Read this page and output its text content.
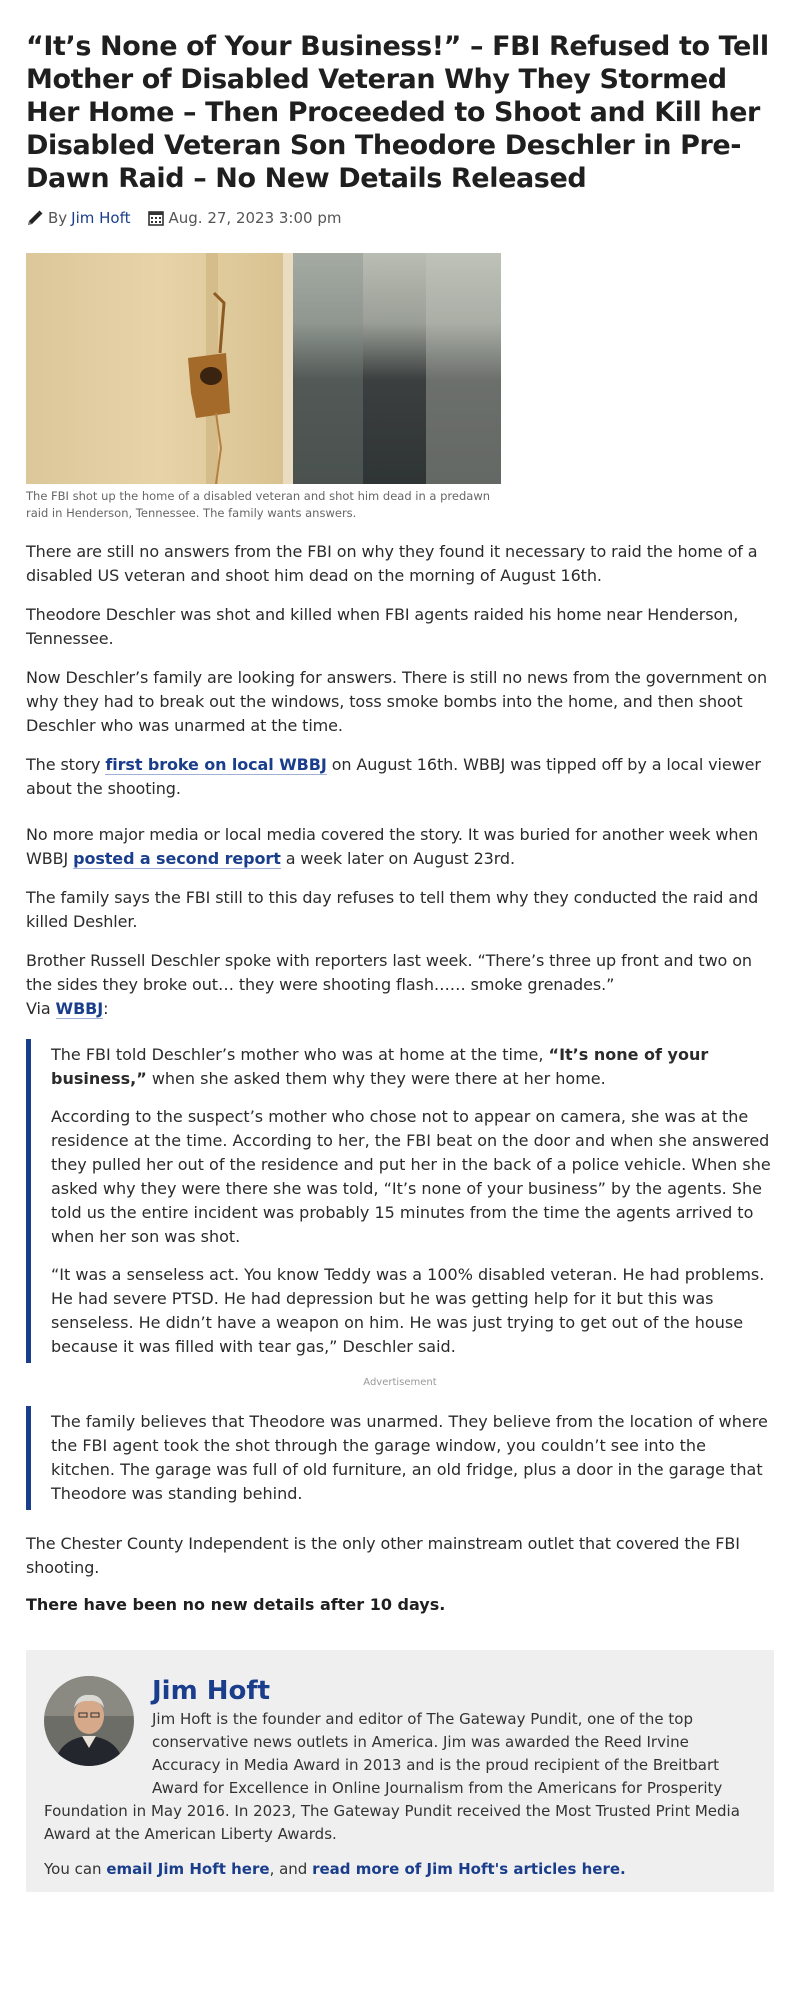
“It’s None of Your Business!” – FBI Refused to Tell Mother of Disabled Veteran Why They Stormed Her Home – Then Proceeded to Shoot and Kill her Disabled Veteran Son Theodore Deschler in Pre-Dawn Raid – No New Details Released
By Jim Hoft	Aug. 27, 2023 3:00 pm
The FBI shot up the home of a disabled veteran and shot him dead in a predawn raid in Henderson, Tennessee. The family wants answers.

There are still no answers from the FBI on why they found it necessary to raid the home of a disabled US veteran and shoot him dead on the morning of August 16th.

Theodore Deschler was shot and killed when FBI agents raided his home near Henderson, Tennessee.

Now Deschler’s family are looking for answers. There is still no news from the government on why they had to break out the windows, toss smoke bombs into the home, and then shoot Deschler who was unarmed at the time.

The story first broke on local WBBJ on August 16th. WBBJ was tipped off by a local viewer about the shooting.

No more major media or local media covered the story. It was buried for another week when WBBJ posted a second report a week later on August 23rd.

The family says the FBI still to this day refuses to tell them why they conducted the raid and killed Deshler.

Brother Russell Deschler spoke with reporters last week. “There’s three up front and two on the sides they broke out… they were shooting flash…… smoke grenades.”
Via WBBJ:

The FBI told Deschler’s mother who was at home at the time, “It’s none of your business,” when she asked them why they were there at her home.

According to the suspect’s mother who chose not to appear on camera, she was at the residence at the time. According to her, the FBI beat on the door and when she answered they pulled her out of the residence and put her in the back of a police vehicle. When she asked why they were there she was told, “It’s none of your business” by the agents. She told us the entire incident was probably 15 minutes from the time the agents arrived to when her son was shot.

“It was a senseless act. You know Teddy was a 100% disabled veteran. He had problems. He had severe PTSD. He had depression but he was getting help for it but this was senseless. He didn’t have a weapon on him. He was just trying to get out of the house because it was filled with tear gas,” Deschler said.

Advertisement

The family believes that Theodore was unarmed. They believe from the location of where the FBI agent took the shot through the garage window, you couldn’t see into the kitchen. The garage was full of old furniture, an old fridge, plus a door in the garage that Theodore was standing behind.

The Chester County Independent is the only other mainstream outlet that covered the FBI shooting.

There have been no new details after 10 days.
Jim Hoft

Jim Hoft is the founder and editor of The Gateway Pundit, one of the top conservative news outlets in America. Jim was awarded the Reed Irvine Accuracy in Media Award in 2013 and is the proud recipient of the Breitbart Award for Excellence in Online Journalism from the Americans for Prosperity
Foundation in May 2016. In 2023, The Gateway Pundit received the Most Trusted Print Media Award at the American Liberty Awards.

You can email Jim Hoft here, and read more of Jim Hoft's articles here.
